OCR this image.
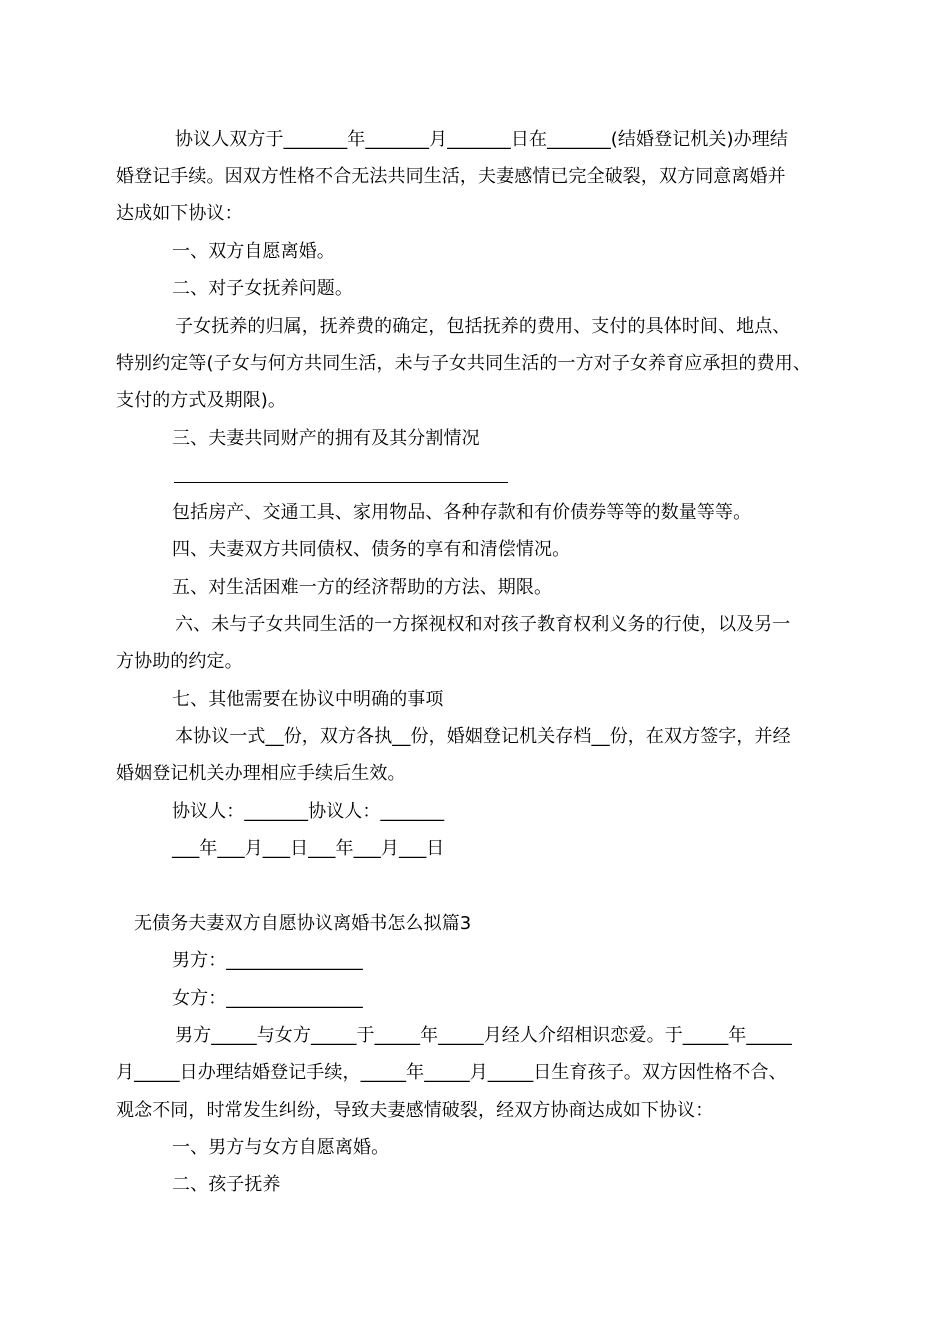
协议人双方于_______年_______月_______日在_______(结婚登记机关)办理结
婚登记手续。因双方性格不合无法共同生活，夫妻感情已完全破裂，双方同意离婚并
达成如下协议：
一、双方自愿离婚。
二、对子女抚养问题。
子女抚养的归属，抚养费的确定，包括抚养的费用、支付的具体时间、地点、
特别约定等(子女与何方共同生活，未与子女共同生活的一方对子女养育应承担的费用、
支付的方式及期限)。
三、夫妻共同财产的拥有及其分割情况
包括房产、交通工具、家用物品、各种存款和有价债券等等的数量等等。
四、夫妻双方共同债权、债务的享有和清偿情况。
五、对生活困难一方的经济帮助的方法、期限。
六、未与子女共同生活的一方探视权和对孩子教育权利义务的行使，以及另一
方协助的约定。
七、其他需要在协议中明确的事项
本协议一式__份，双方各执__份，婚姻登记机关存档__份，在双方签字，并经
婚姻登记机关办理相应手续后生效。
协议人：_______协议人：_______
___年___月___日___年___月___日
无债务夫妻双方自愿协议离婚书怎么拟篇3
男方：_______________
女方：_______________
男方_____与女方_____于_____年_____月经人介绍相识恋爱。于_____年_____
月_____日办理结婚登记手续，_____年_____月_____日生育孩子。双方因性格不合、
观念不同，时常发生纠纷，导致夫妻感情破裂，经双方协商达成如下协议：
一、男方与女方自愿离婚。
二、孩子抚养
